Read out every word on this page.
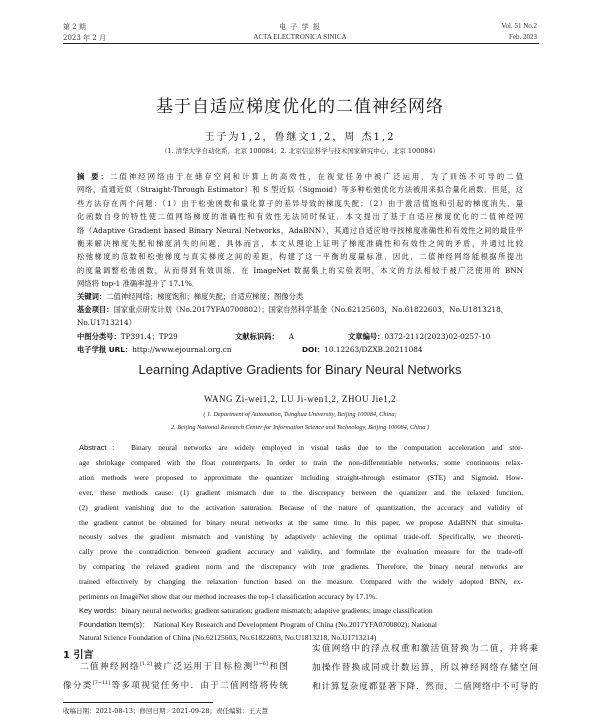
第 2 期
2023 年 2 月
电 子 学 报
ACTA ELECTRONICA SINICA
Vol. 51 No.2
Feb. 2023
基于自适应梯度优化的二值神经网络
王子为1,2，鲁继文1,2，周 杰1,2
（1. 清华大学自动化系，北京 100084；2. 北京信息科学与技术国家研究中心，北京 100084）
摘 要：二值神经网络由于在储存空间和计算上的高效性，在视觉任务中被广泛运用．为了训练不可导的二值
网络，直通近似（Straight-Through Estimator）和 S 型近似（Sigmoid）等多种松弛优化方法被用来拟合量化函数．但是，这
些方法存在两个问题：（1）由于松弛函数和量化算子的差异导致的梯度失配；（2）由于激活值饱和引起的梯度消失．量
化函数自身的特性使二值网络梯度的准确性和有效性无法同时保证．本文提出了基于自适应梯度优化的二值神经网
络（Adaptive Gradient based Binary Neural Networks，AdaBNN），其通过自适应地寻找梯度准确性和有效性之间的最佳平
衡来解决梯度失配和梯度消失的问题．具体而言，本文从理论上证明了梯度准确性和有效性之间的矛盾，并通过比较
松弛梯度的范数和松弛梯度与真实梯度之间的差距，构建了这一平衡的度量标准．因此，二值神经网络能根据所提出
的度量调整松弛函数，从而得到有效训练．在 ImageNet 数据集上的实验表明，本文的方法相较于被广泛使用的 BNN
网络将 top-1 准确率提升了 17.1%．
关键词：二值神经网络；梯度饱和；梯度失配；自适应梯度；图像分类
基金项目：国家重点研发计划（No.2017YFA0700802）；国家自然科学基金（No.62125603，No.61822603，No.U1813218，
No.U1713214）
中图分类号：TP391.4；TP29	文献标识码： A	文章编号：0372-2112(2023)02-0257-10
电子学报 URL：http://www.ejournal.org.cn	DOI：10.12263/DZXB.20211084
Learning Adaptive Gradients for Binary Neural Networks
WANG Zi-wei1,2, LU Ji-wen1,2, ZHOU Jie1,2
( 1. Department of Automation, Tsinghua University, Beijing 100084, China;
2. Beijing National Research Center for Information Science and Technology, Beijing 100084, China )
Abstract： Binary neural networks are widely employed in visual tasks due to the computation acceleration and stor-
age shrinkage compared with the float counterparts. In order to train the non-differentiable networks, some continuous relax-
ation methods were proposed to approximate the quantizer including straight-through estimator (STE) and Sigmoid. How-
ever, these methods cause: (1) gradient mismatch due to the discrepancy between the quantizer and the relaxed function,
(2) gradient vanishing due to the activation saturation. Because of the nature of quantization, the accuracy and validity of
the gradient cannot be obtained for binary neural networks at the same time. In this paper, we propose AdaBNN that simulta-
neously solves the gradient mismatch and vanishing by adaptively achieving the optimal trade-off. Specifically, we theoreti-
cally prove the contradiction between gradient accuracy and validity, and formulate the evaluation measure for the trade-off
by comparing the relaxed gradient norm and the discrepancy with true gradients. Therefore, the binary neural networks are
trained effectively by changing the relaxation function based on the measure. Compared with the widely adopted BNN, ex-
periments on ImageNet show that our method increases the top-1 classification accuracy by 17.1%.
Key words：binary neural networks; gradient saturation; gradient mismatch; adaptive gradients; image classification
Foundation Item(s)： National Key Research and Development Program of China (No.2017YFA0700802); National
Natural Science Foundation of China (No.62125603, No.61822603, No.U1813218, No.U1713214)
1 引言
二值神经网络[1,2]被广泛运用于目标检测[3~6]和图
像分类[7~11]等多项视觉任务中．由于二值网络将传统
实值网络中的浮点权重和激活值替换为二值，并将乘
加操作替换成同或计数运算，所以神经网络存储空间
和计算复杂度都显著下降．然而，二值网络中不可导的
收稿日期：2021-08-13；修回日期：2021-09-28；责任编辑：王天慧
